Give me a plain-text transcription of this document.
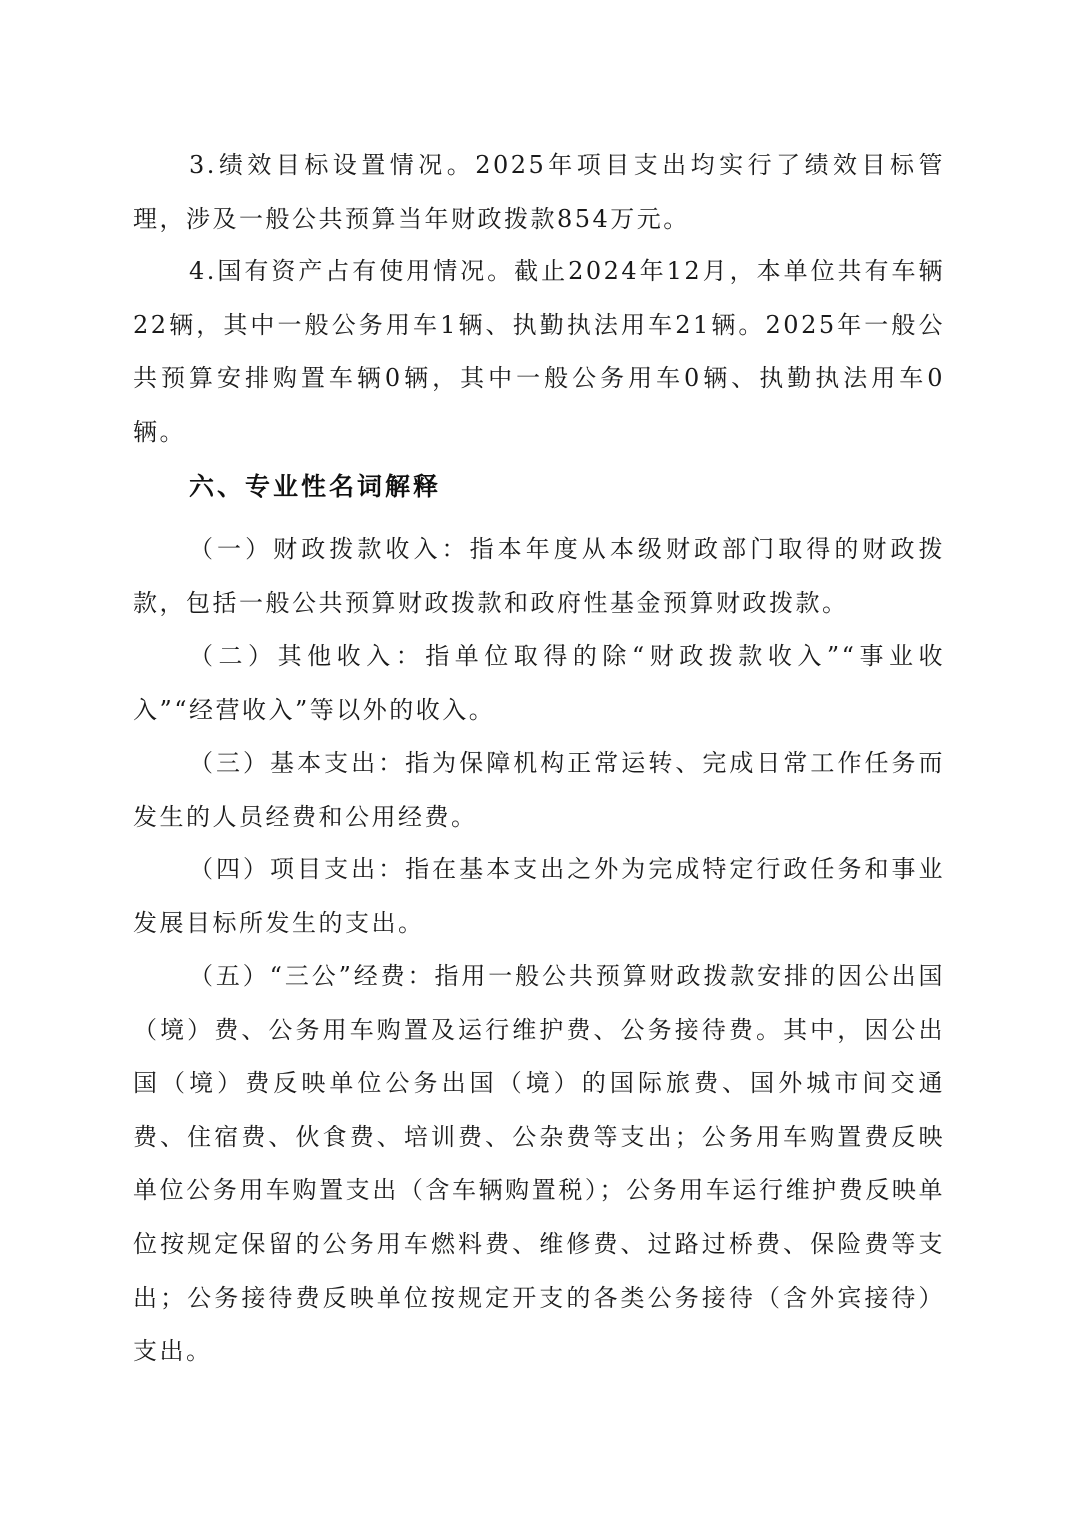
3.绩效目标设置情况。2025年项目支出均实行了绩效目标管理，涉及一般公共预算当年财政拨款854万元。

4.国有资产占有使用情况。截止2024年12月，本单位共有车辆22辆，其中一般公务用车1辆、执勤执法用车21辆。2025年一般公共预算安排购置车辆0辆，其中一般公务用车0辆、执勤执法用车0辆。

六、专业性名词解释

（一）财政拨款收入：指本年度从本级财政部门取得的财政拨款，包括一般公共预算财政拨款和政府性基金预算财政拨款。

（二）其他收入：指单位取得的除“财政拨款收入”“事业收入”“经营收入”等以外的收入。

（三）基本支出：指为保障机构正常运转、完成日常工作任务而发生的人员经费和公用经费。

（四）项目支出：指在基本支出之外为完成特定行政任务和事业发展目标所发生的支出。

（五）“三公”经费：指用一般公共预算财政拨款安排的因公出国（境）费、公务用车购置及运行维护费、公务接待费。其中，因公出国（境）费反映单位公务出国（境）的国际旅费、国外城市间交通费、住宿费、伙食费、培训费、公杂费等支出；公务用车购置费反映单位公务用车购置支出（含车辆购置税）；公务用车运行维护费反映单位按规定保留的公务用车燃料费、维修费、过路过桥费、保险费等支出；公务接待费反映单位按规定开支的各类公务接待（含外宾接待）支出。
